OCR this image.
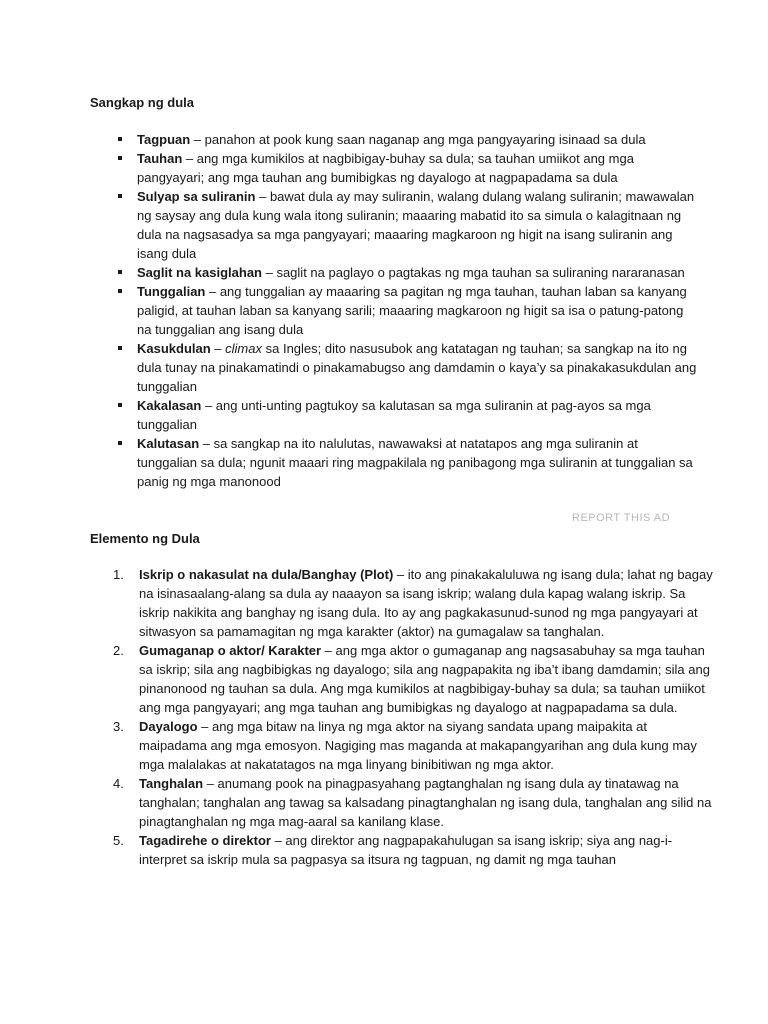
Sangkap ng dula
Tagpuan – panahon at pook kung saan naganap ang mga pangyayaring isinaad sa dula
Tauhan – ang mga kumikilos at nagbibigay-buhay sa dula; sa tauhan umiikot ang mga pangyayari; ang mga tauhan ang bumibigkas ng dayalogo at nagpapadama sa dula
Sulyap sa suliranin – bawat dula ay may suliranin, walang dulang walang suliranin; mawawalan ng saysay ang dula kung wala itong suliranin; maaaring mabatid ito sa simula o kalagitnaan ng dula na nagsasadya sa mga pangyayari; maaaring magkaroon ng higit na isang suliranin ang isang dula
Saglit na kasiglahan – saglit na paglayo o pagtakas ng mga tauhan sa suliraning nararanasan
Tunggalian – ang tunggalian ay maaaring sa pagitan ng mga tauhan, tauhan laban sa kanyang paligid, at tauhan laban sa kanyang sarili; maaaring magkaroon ng higit sa isa o patung-patong na tunggalian ang isang dula
Kasukdulan – climax sa Ingles; dito nasusubok ang katatagan ng tauhan; sa sangkap na ito ng dula tunay na pinakamatindi o pinakamabugso ang damdamin o kaya’y sa pinakakasukdulan ang tunggalian
Kakalasan – ang unti-unting pagtukoy sa kalutasan sa mga suliranin at pag-ayos sa mga tunggalian
Kalutasan – sa sangkap na ito nalulutas, nawawaksi at natatapos ang mga suliranin at tunggalian sa dula; ngunit maaari ring magpakilala ng panibagong mga suliranin at tunggalian sa panig ng mga manonood
REPORT THIS AD
Elemento ng Dula
1. Iskrip o nakasulat na dula/Banghay (Plot) – ito ang pinakakaluluwa ng isang dula; lahat ng bagay na isinasaalang-alang sa dula ay naaayon sa isang iskrip; walang dula kapag walang iskrip. Sa iskrip nakikita ang banghay ng isang dula. Ito ay ang pagkakasunud-sunod ng mga pangyayari at sitwasyon sa pamamagitan ng mga karakter (aktor) na gumagalaw sa tanghalan.
2. Gumaganap o aktor/ Karakter – ang mga aktor o gumaganap ang nagsasabuhay sa mga tauhan sa iskrip; sila ang nagbibigkas ng dayalogo; sila ang nagpapakita ng iba’t ibang damdamin; sila ang pinanonood ng tauhan sa dula. Ang mga kumikilos at nagbibigay-buhay sa dula; sa tauhan umiikot ang mga pangyayari; ang mga tauhan ang bumibigkas ng dayalogo at nagpapadama sa dula.
3. Dayalogo – ang mga bitaw na linya ng mga aktor na siyang sandata upang maipakita at maipadama ang mga emosyon. Nagiging mas maganda at makapangyarihan ang dula kung may mga malalakas at nakatatagos na mga linyang binibitiwan ng mga aktor.
4. Tanghalan – anumang pook na pinagpasyahang pagtanghalan ng isang dula ay tinatawag na tanghalan; tanghalan ang tawag sa kalsadang pinagtanghalan ng isang dula, tanghalan ang silid na pinagtanghalan ng mga mag-aaral sa kanilang klase.
5. Tagadirehe o direktor – ang direktor ang nagpapakahulugan sa isang iskrip; siya ang nag-i-interpret sa iskrip mula sa pagpasya sa itsura ng tagpuan, ng damit ng mga tauhan
